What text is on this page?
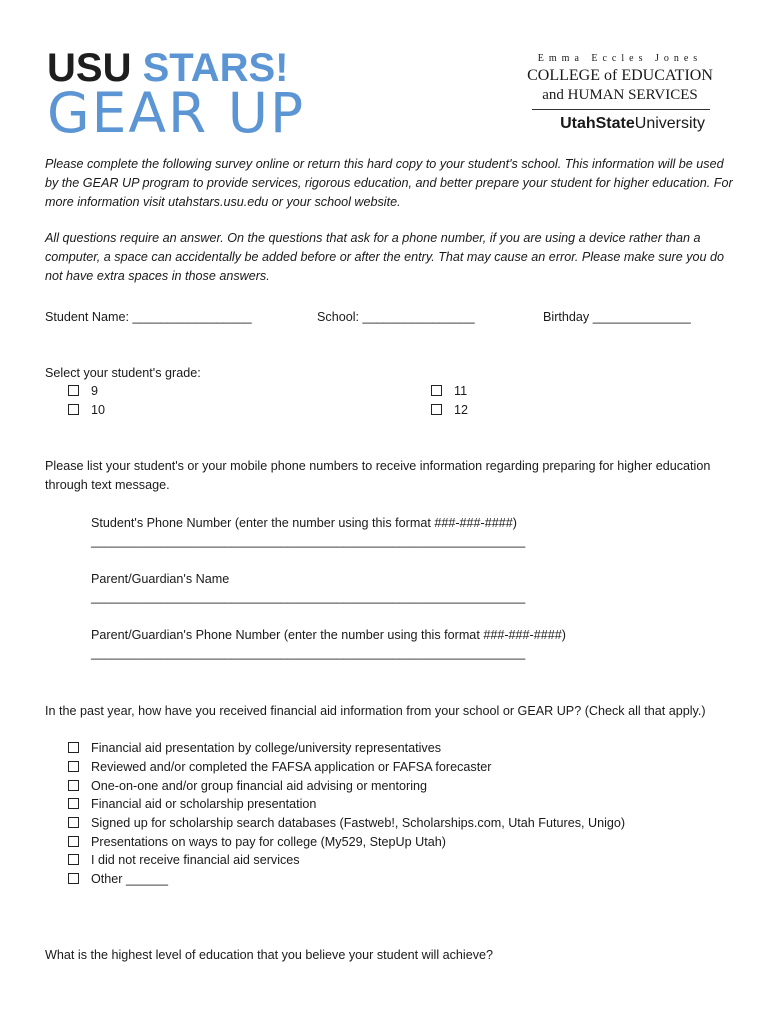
USU STARS!
GEAR UP
Emma Eccles Jones
COLLEGE of EDUCATION
and HUMAN SERVICES
UtahStateUniversity

Please complete the following survey online or return this hard copy to your student's school. This information will be used by the GEAR UP program to provide services, rigorous education, and better prepare your student for higher education. For more information visit utahstars.usu.edu or your school website.

All questions require an answer. On the questions that ask for a phone number, if you are using a device rather than a computer, a space can accidentally be added before or after the entry. That may cause an error. Please make sure you do not have extra spaces in those answers.

Student Name: _________________	School: ________________	Birthday ______________
Select your student's grade:
9
10
11
12
Please list your student's or your mobile phone numbers to receive information regarding preparing for higher education through text message.
Student's Phone Number (enter the number using this format ###-###-####)
______________________________________________________________
Parent/Guardian's Name
______________________________________________________________
Parent/Guardian's Phone Number (enter the number using this format ###-###-####)
______________________________________________________________
In the past year, how have you received financial aid information from your school or GEAR UP? (Check all that apply.)
Financial aid presentation by college/university representatives
Reviewed and/or completed the FAFSA application or FAFSA forecaster
One-on-one and/or group financial aid advising or mentoring
Financial aid or scholarship presentation
Signed up for scholarship search databases (Fastweb!, Scholarships.com, Utah Futures, Unigo)
Presentations on ways to pay for college (My529, StepUp Utah)
I did not receive financial aid services
Other ______
What is the highest level of education that you believe your student will achieve?
